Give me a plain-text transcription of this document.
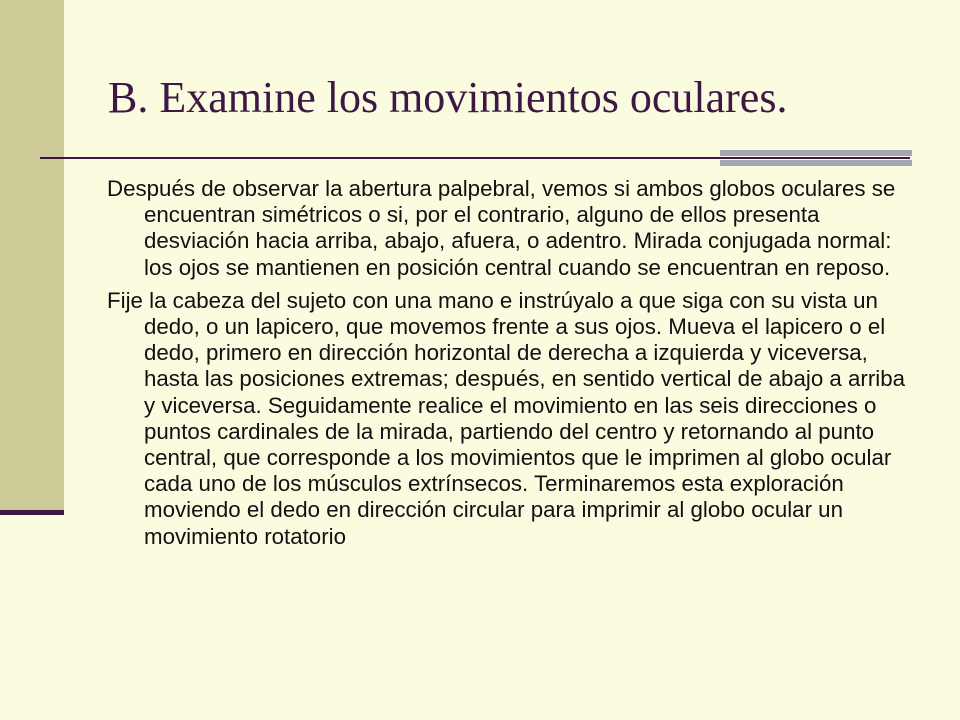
B. Examine los movimientos oculares.

Después de observar la abertura palpebral, vemos si ambos globos oculares se encuentran simétricos o si, por el contrario, alguno de ellos presenta desviación hacia arriba, abajo, afuera, o adentro. Mirada conjugada normal: los ojos se mantienen en posición central cuando se encuentran en reposo.

Fije la cabeza del sujeto con una mano e instrúyalo a que siga con su vista un dedo, o un lapicero, que movemos frente a sus ojos. Mueva el lapicero o el dedo, primero en dirección horizontal de derecha a izquierda y viceversa, hasta las posiciones extremas; después, en sentido vertical de abajo a arriba y viceversa. Seguidamente realice el movimiento en las seis direcciones o puntos cardinales de la mirada, partiendo del centro y retornando al punto central, que corresponde a los movimientos que le imprimen al globo ocular cada uno de los músculos extrínsecos. Terminaremos esta exploración moviendo el dedo en dirección circular para imprimir al globo ocular un movimiento rotatorio
